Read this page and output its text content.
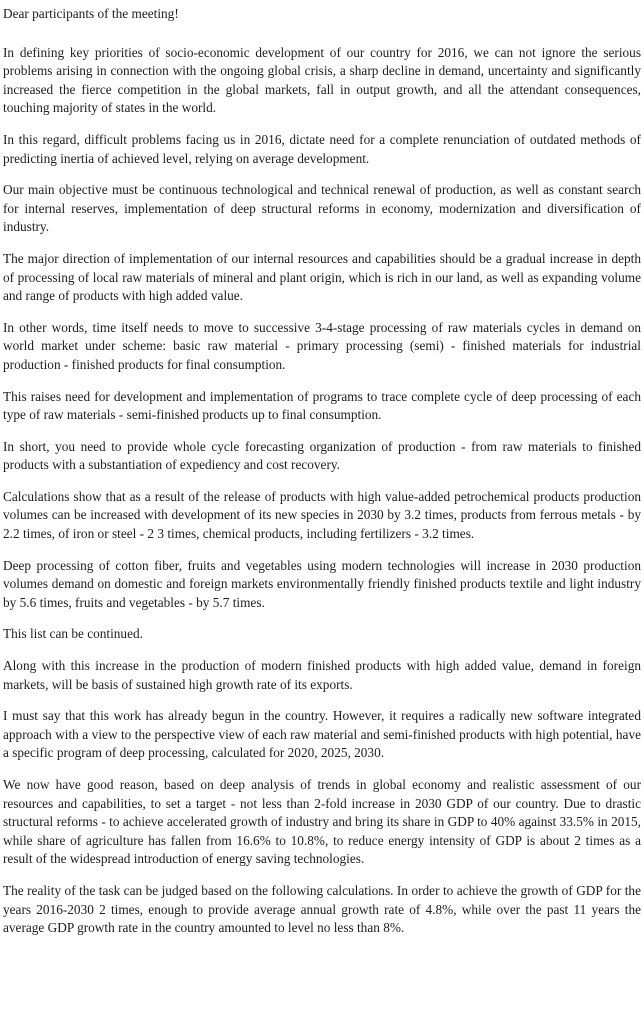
Dear participants of the meeting!

In defining key priorities of socio-economic development of our country for 2016, we can not ignore the serious problems arising in connection with the ongoing global crisis, a sharp decline in demand, uncertainty and significantly increased the fierce competition in the global markets, fall in output growth, and all the attendant consequences, touching majority of states in the world.

In this regard, difficult problems facing us in 2016, dictate need for a complete renunciation of outdated methods of predicting inertia of achieved level, relying on average development.

Our main objective must be continuous technological and technical renewal of production, as well as constant search for internal reserves, implementation of deep structural reforms in economy, modernization and diversification of industry.

The major direction of implementation of our internal resources and capabilities should be a gradual increase in depth of processing of local raw materials of mineral and plant origin, which is rich in our land, as well as expanding volume and range of products with high added value.

In other words, time itself needs to move to successive 3-4-stage processing of raw materials cycles in demand on world market under scheme: basic raw material - primary processing (semi) - finished materials for industrial production - finished products for final consumption.

This raises need for development and implementation of programs to trace complete cycle of deep processing of each type of raw materials - semi-finished products up to final consumption.

In short, you need to provide whole cycle forecasting organization of production - from raw materials to finished products with a substantiation of expediency and cost recovery.

Calculations show that as a result of the release of products with high value-added petrochemical products production volumes can be increased with development of its new species in 2030 by 3.2 times, products from ferrous metals - by 2.2 times, of iron or steel - 2 3 times, chemical products, including fertilizers - 3.2 times.

Deep processing of cotton fiber, fruits and vegetables using modern technologies will increase in 2030 production volumes demand on domestic and foreign markets environmentally friendly finished products textile and light industry by 5.6 times, fruits and vegetables - by 5.7 times.

This list can be continued.

Along with this increase in the production of modern finished products with high added value, demand in foreign markets, will be basis of sustained high growth rate of its exports.

I must say that this work has already begun in the country. However, it requires a radically new software integrated approach with a view to the perspective view of each raw material and semi-finished products with high potential, have a specific program of deep processing, calculated for 2020, 2025, 2030.

We now have good reason, based on deep analysis of trends in global economy and realistic assessment of our resources and capabilities, to set a target - not less than 2-fold increase in 2030 GDP of our country. Due to drastic structural reforms - to achieve accelerated growth of industry and bring its share in GDP to 40% against 33.5% in 2015, while share of agriculture has fallen from 16.6% to 10.8%, to reduce energy intensity of GDP is about 2 times as a result of the widespread introduction of energy saving technologies.

The reality of the task can be judged based on the following calculations. In order to achieve the growth of GDP for the years 2016-2030 2 times, enough to provide average annual growth rate of 4.8%, while over the past 11 years the average GDP growth rate in the country amounted to level no less than 8%.
